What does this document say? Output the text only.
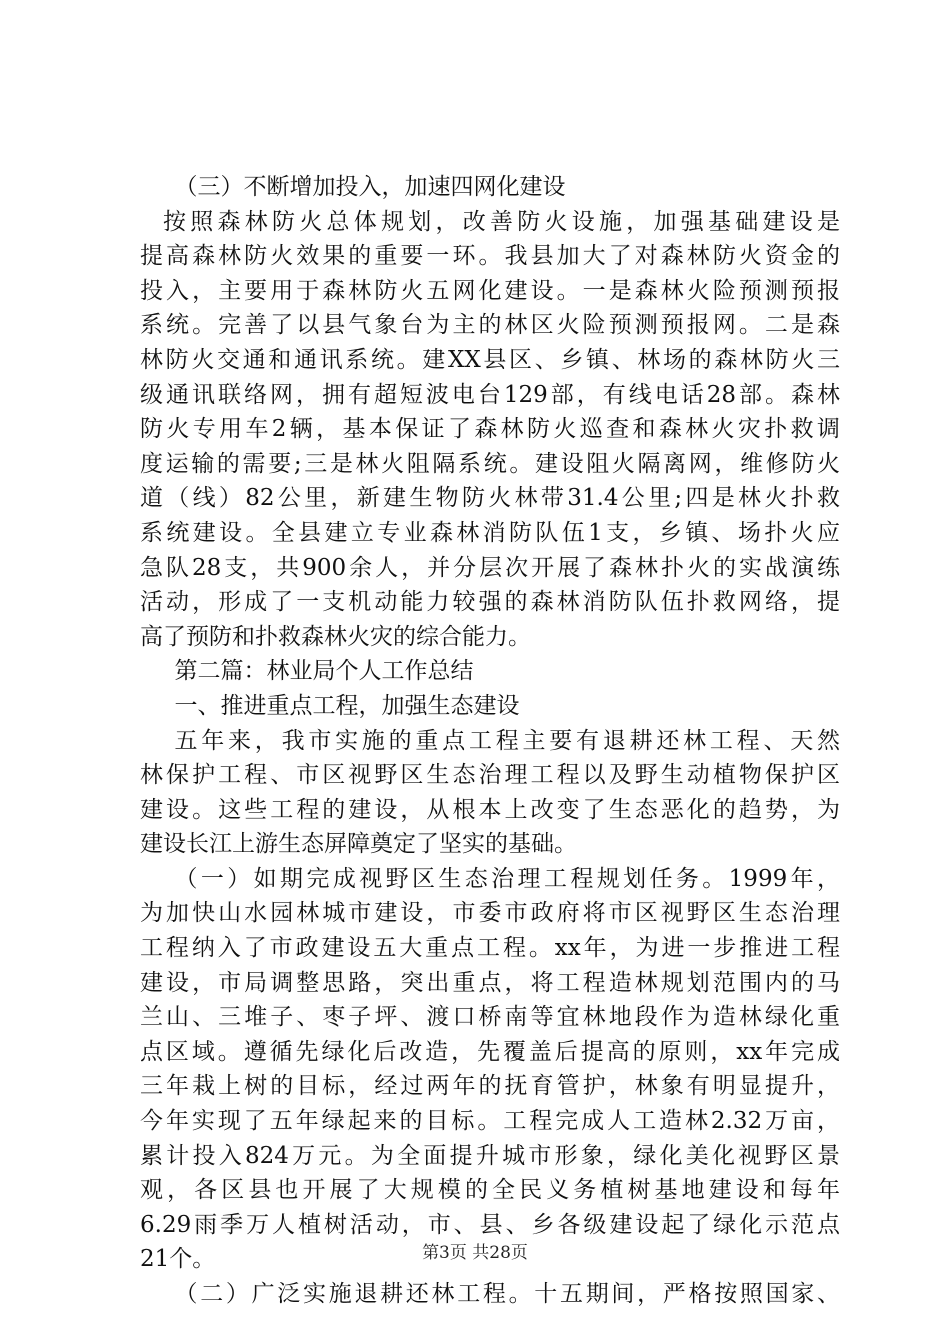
（三）不断增加投入，加速四网化建设
按照森林防火总体规划，改善防火设施，加强基础建设是
提高森林防火效果的重要一环。我县加大了对森林防火资金的
投入，主要用于森林防火五网化建设。一是森林火险预测预报
系统。完善了以县气象台为主的林区火险预测预报网。二是森
林防火交通和通讯系统。建XX县区、乡镇、林场的森林防火三
级通讯联络网，拥有超短波电台129部，有线电话28部。森林
防火专用车2辆，基本保证了森林防火巡查和森林火灾扑救调
度运输的需要;三是林火阻隔系统。建设阻火隔离网，维修防火
道（线）82公里，新建生物防火林带31.4公里;四是林火扑救
系统建设。全县建立专业森林消防队伍1支，乡镇、场扑火应
急队28支，共900余人，并分层次开展了森林扑火的实战演练
活动，形成了一支机动能力较强的森林消防队伍扑救网络，提
高了预防和扑救森林火灾的综合能力。
第二篇：林业局个人工作总结
一、推进重点工程，加强生态建设
五年来，我市实施的重点工程主要有退耕还林工程、天然
林保护工程、市区视野区生态治理工程以及野生动植物保护区
建设。这些工程的建设，从根本上改变了生态恶化的趋势，为
建设长江上游生态屏障奠定了坚实的基础。
（一）如期完成视野区生态治理工程规划任务。1999年，
为加快山水园林城市建设，市委市政府将市区视野区生态治理
工程纳入了市政建设五大重点工程。xx年，为进一步推进工程
建设，市局调整思路，突出重点，将工程造林规划范围内的马
兰山、三堆子、枣子坪、渡口桥南等宜林地段作为造林绿化重
点区域。遵循先绿化后改造，先覆盖后提高的原则，xx年完成
三年栽上树的目标，经过两年的抚育管护，林象有明显提升，
今年实现了五年绿起来的目标。工程完成人工造林2.32万亩，
累计投入824万元。为全面提升城市形象，绿化美化视野区景
观，各区县也开展了大规模的全民义务植树基地建设和每年
6.29雨季万人植树活动，市、县、乡各级建设起了绿化示范点
21个。
（二）广泛实施退耕还林工程。十五期间，严格按照国家、
第3页 共28页
